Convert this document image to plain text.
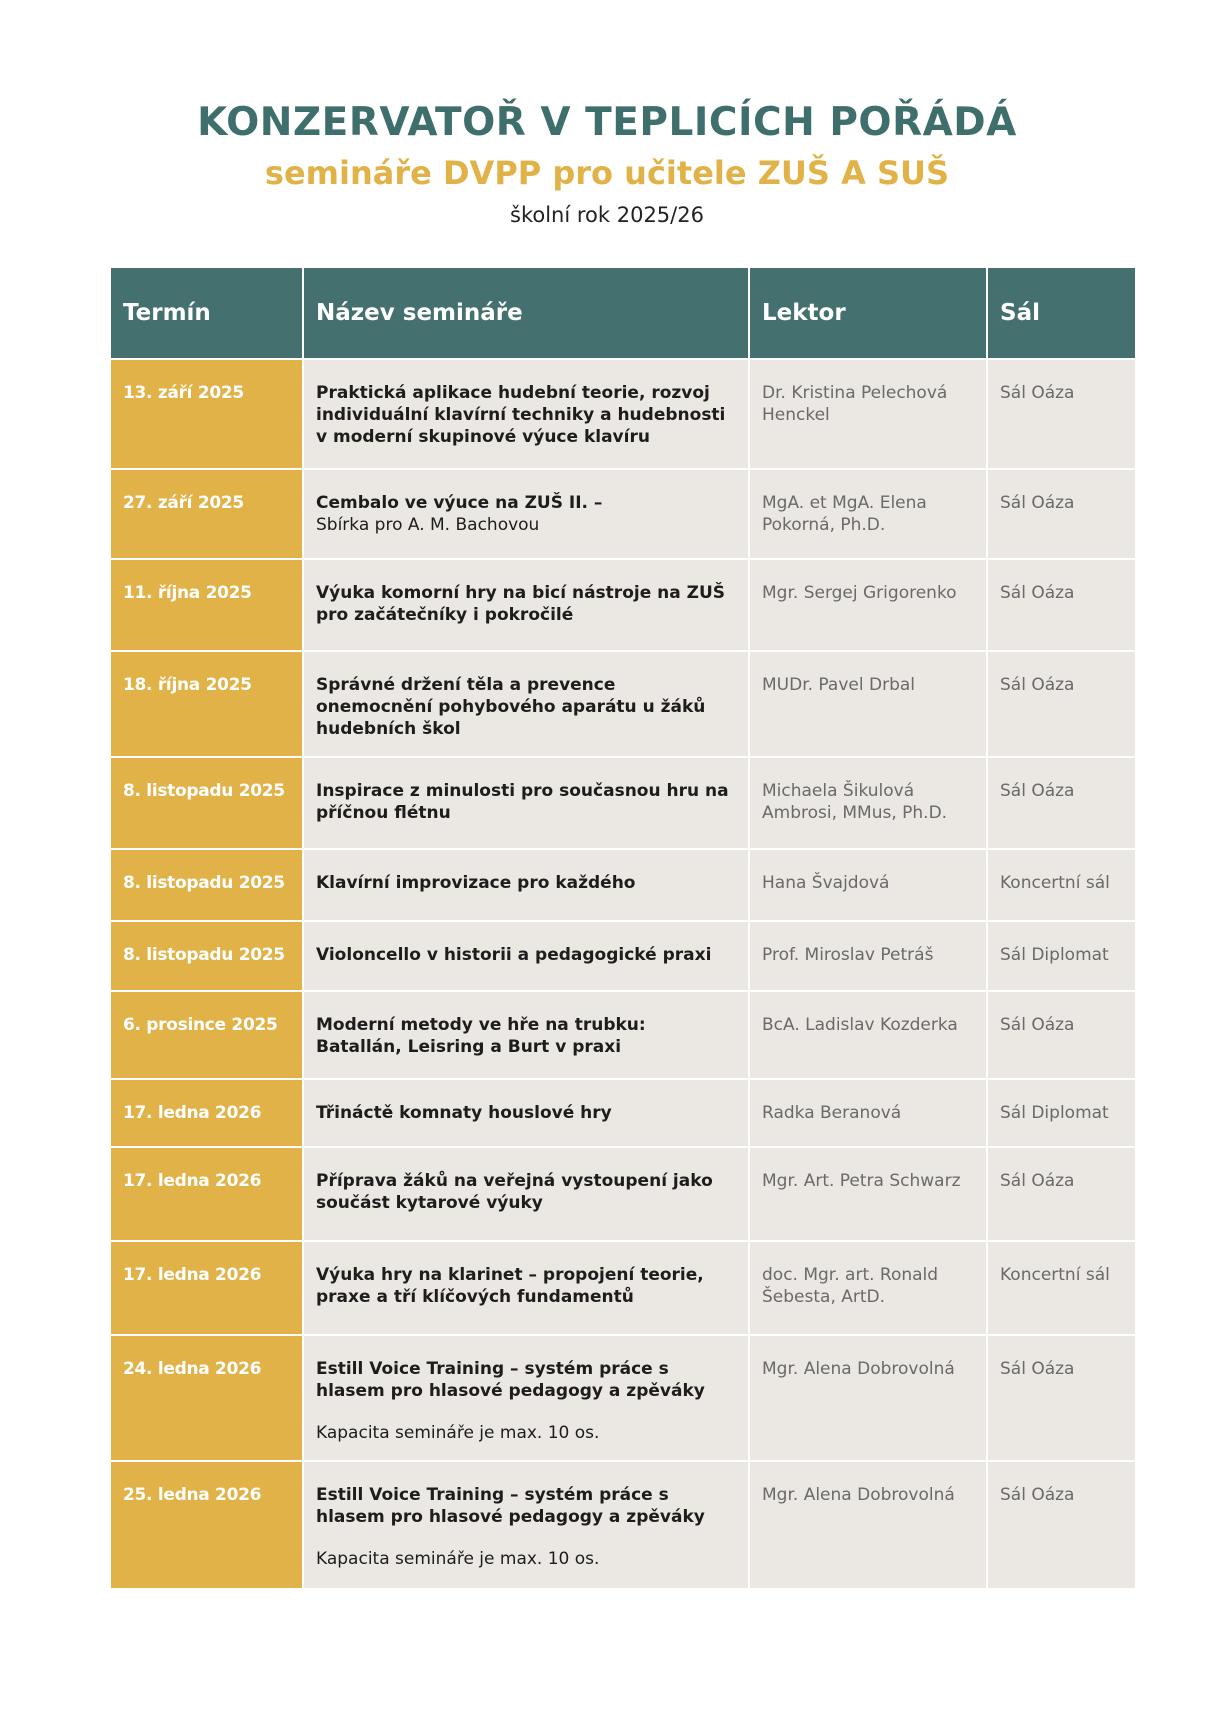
KONZERVATOŘ V TEPLICÍCH POŘÁDÁ
semináře DVPP pro učitele ZUŠ A SUŠ
školní rok 2025/26
Termín	Název semináře	Lektor	Sál
13. září 2025	Praktická aplikace hudební teorie, rozvoj individuální klavírní techniky a hudebnosti v moderní skupinové výuce klavíru	Dr. Kristina Pelechová Henckel	Sál Oáza
27. září 2025	Cembalo ve výuce na ZUŠ II. –
Sbírka pro A. M. Bachovou	MgA. et MgA. Elena Pokorná, Ph.D.	Sál Oáza
11. října 2025	Výuka komorní hry na bicí nástroje na ZUŠ pro začátečníky i pokročilé	Mgr. Sergej Grigorenko	Sál Oáza
18. října 2025	Správné držení těla a prevence onemocnění pohybového aparátu u žáků hudebních škol	MUDr. Pavel Drbal	Sál Oáza
8. listopadu 2025	Inspirace z minulosti pro současnou hru na příčnou flétnu	Michaela Šikulová Ambrosi, MMus, Ph.D.	Sál Oáza
8. listopadu 2025	Klavírní improvizace pro každého	Hana Švajdová	Koncertní sál
8. listopadu 2025	Violoncello v historii a pedagogické praxi	Prof. Miroslav Petráš	Sál Diplomat
6. prosince 2025	Moderní metody ve hře na trubku: Batallán, Leisring a Burt v praxi	BcA. Ladislav Kozderka	Sál Oáza
17. ledna 2026	Třináctě komnaty houslové hry	Radka Beranová	Sál Diplomat
17. ledna 2026	Příprava žáků na veřejná vystoupení jako součást kytarové výuky	Mgr. Art. Petra Schwarz	Sál Oáza
17. ledna 2026	Výuka hry na klarinet – propojení teorie, praxe a tří klíčových fundamentů	doc. Mgr. art. Ronald Šebesta, ArtD.	Koncertní sál
24. ledna 2026	Estill Voice Training – systém práce s hlasem pro hlasové pedagogy a zpěváky
Kapacita semináře je max. 10 os.	Mgr. Alena Dobrovolná	Sál Oáza
25. ledna 2026	Estill Voice Training – systém práce s hlasem pro hlasové pedagogy a zpěváky
Kapacita semináře je max. 10 os.	Mgr. Alena Dobrovolná	Sál Oáza
